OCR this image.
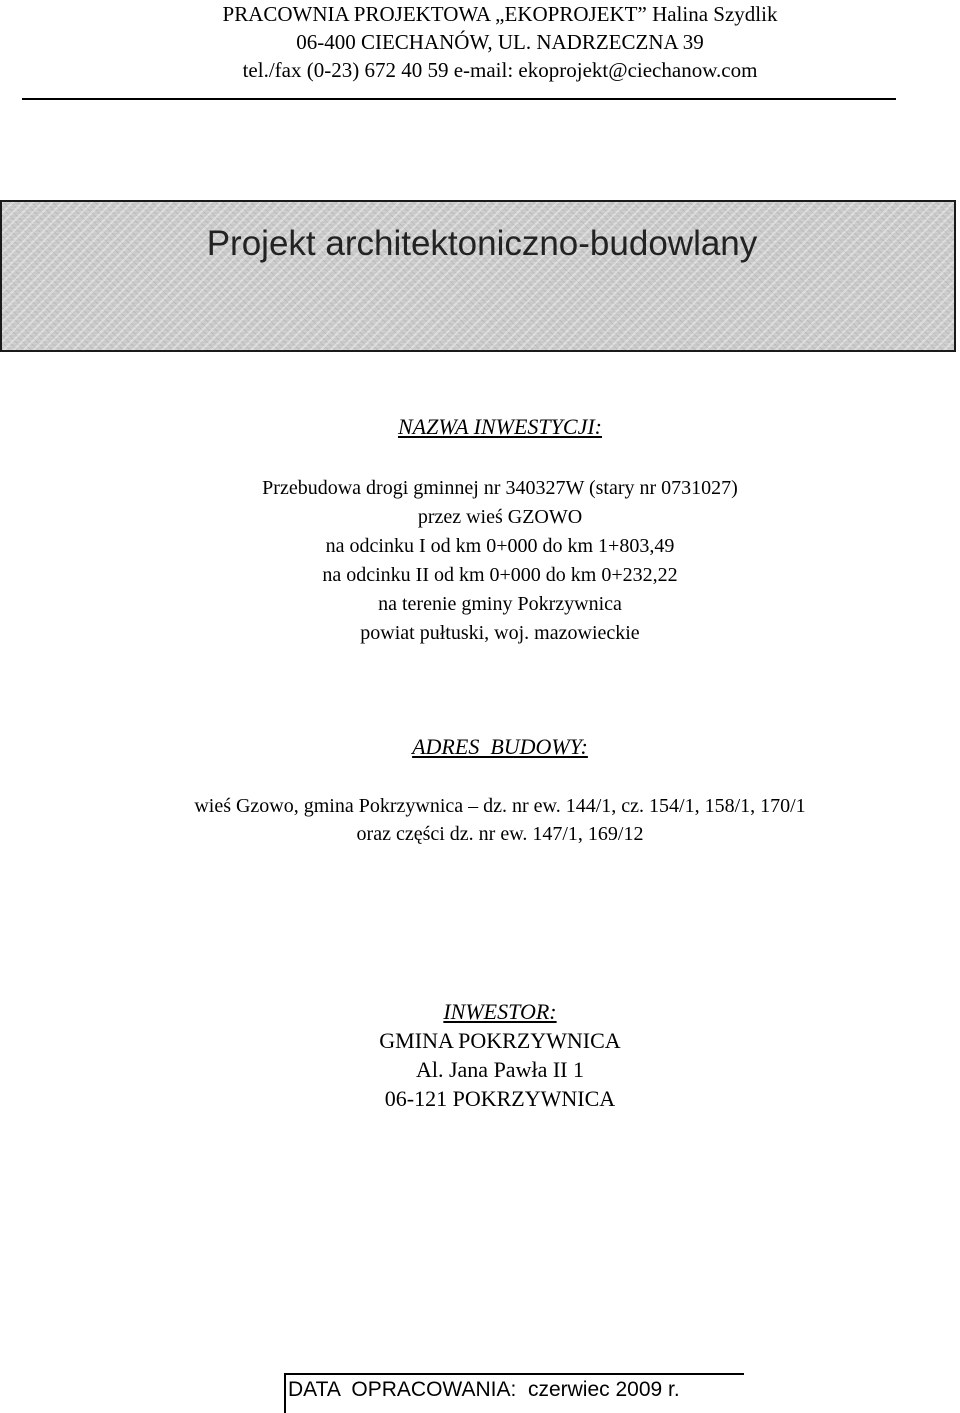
PRACOWNIA PROJEKTOWA „EKOPROJEKT” Halina Szydlik
06-400 CIECHANÓW, UL. NADRZECZNA 39
tel./fax (0-23) 672 40 59 e-mail: ekoprojekt@ciechanow.com
Projekt architektoniczno-budowlany
NAZWA INWESTYCJI:
Przebudowa drogi gminnej nr 340327W (stary nr 0731027)
przez wieś GZOWO
na odcinku I od km 0+000 do km 1+803,49
na odcinku II od km 0+000 do km 0+232,22
na terenie gminy Pokrzywnica
powiat pułtuski, woj. mazowieckie
ADRES  BUDOWY:
wieś Gzowo, gmina Pokrzywnica – dz. nr ew. 144/1, cz. 154/1, 158/1, 170/1
oraz części dz. nr ew. 147/1, 169/12
INWESTOR:
GMINA POKRZYWNICA
Al. Jana Pawła II 1
06-121 POKRZYWNICA
DATA  OPRACOWANIA:  czerwiec 2009 r.
